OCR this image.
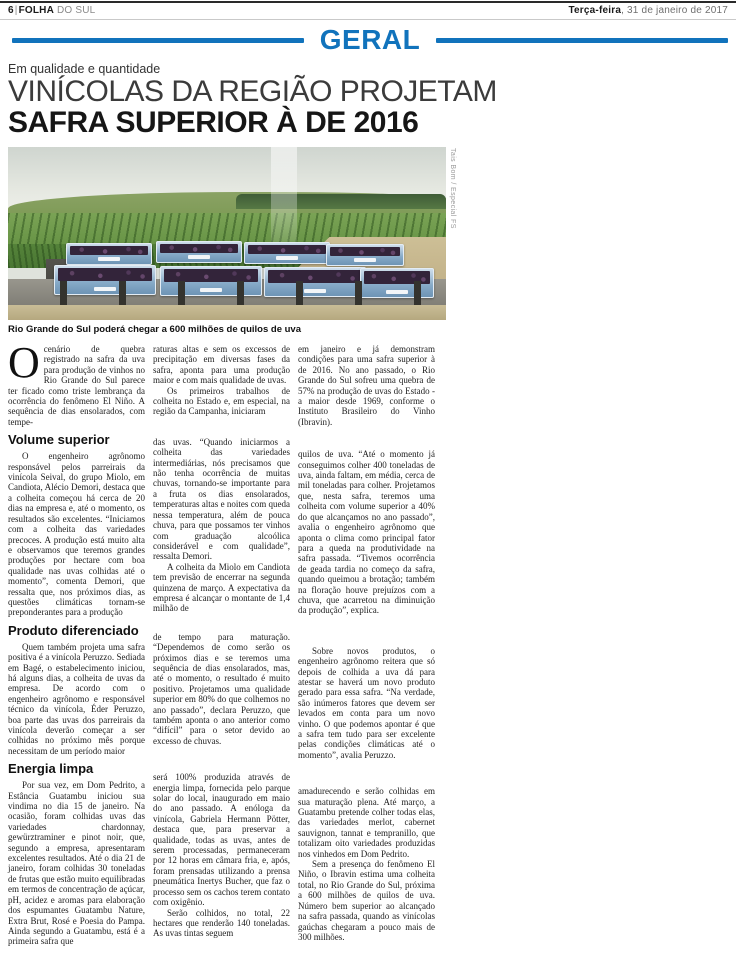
6|FOLHA DO SUL	Terça-feira, 31 de janeiro de 2017
GERAL
Em qualidade e quantidade
VINÍCOLAS DA REGIÃO PROJETAM
SAFRA SUPERIOR À DE 2016
Tais Bom / Especial FS
Rio Grande do Sul poderá chegar a 600 milhões de quilos de uva

Ocenário de quebra registrado na safra da uva para produção de vinhos no Rio Grande do Sul parece ter ficado como triste lembrança da ocorrência do fenômeno El Niño. A sequência de dias ensolarados, com tempe-

Volume superior

O engenheiro agrônomo responsável pelos parreirais da vinícola Seival, do grupo Miolo, em Candiota, Alécio Demori, destaca que a colheita começou há cerca de 20 dias na empresa e, até o momento, os resultados são excelentes. “Iniciamos com a colheita das variedades precoces. A produção está muito alta e observamos que teremos grandes produções por hectare com boa qualidade nas uvas colhidas até o momento”, comenta Demori, que ressalta que, nos próximos dias, as questões climáticas tornam-se preponderantes para a produção

Produto diferenciado

Quem também projeta uma safra positiva é a vinícola Peruzzo. Sediada em Bagé, o estabelecimento iniciou, há alguns dias, a colheita de uvas da empresa. De acordo com o engenheiro agrônomo e responsável técnico da vinícola, Éder Peruzzo, boa parte das uvas dos parreirais da vinícola deverão começar a ser colhidas no próximo mês porque necessitam de um período maior

Energia limpa

Por sua vez, em Dom Pedrito, a Estância Guatambu iniciou sua vindima no dia 15 de janeiro. Na ocasião, foram colhidas uvas das variedades chardonnay, gewürztraminer e pinot noir, que, segundo a empresa, apresentaram excelentes resultados. Até o dia 21 de janeiro, foram colhidas 30 toneladas de frutas que estão muito equilibradas em termos de concentração de açúcar, pH, acidez e aromas para elaboração dos espumantes Guatambu Nature, Extra Brut, Rosé e Poesia do Pampa. Ainda segundo a Guatambu, está é a primeira safra que

raturas altas e sem os excessos de precipitação em diversas fases da safra, aponta para uma produção maior e com mais qualidade de uvas.

Os primeiros trabalhos de colheita no Estado e, em especial, na região da Campanha, iniciaram

das uvas. “Quando iniciarmos a colheita das variedades intermediárias, nós precisamos que não tenha ocorrência de muitas chuvas, tornando-se importante para a fruta os dias ensolarados, temperaturas altas e noites com queda nessa temperatura, além de pouca chuva, para que possamos ter vinhos com graduação alcoólica considerável e com qualidade”, ressalta Demori.

A colheita da Miolo em Candiota tem previsão de encerrar na segunda quinzena de março. A expectativa da empresa é alcançar o montante de 1,4 milhão de

de tempo para maturação. “Dependemos de como serão os próximos dias e se teremos uma sequência de dias ensolarados, mas, até o momento, o resultado é muito positivo. Projetamos uma qualidade superior em 80% do que colhemos no ano passado”, declara Peruzzo, que também aponta o ano anterior como “difícil” para o setor devido ao excesso de chuvas.

será 100% produzida através de energia limpa, fornecida pelo parque solar do local, inaugurado em maio do ano passado. A enóloga da vinícola, Gabriela Hermann Pötter, destaca que, para preservar a qualidade, todas as uvas, antes de serem processadas, permaneceram por 12 horas em câmara fria, e, após, foram prensadas utilizando a prensa pneumática Inertys Bucher, que faz o processo sem os cachos terem contato com oxigênio.

Serão colhidos, no total, 22 hectares que renderão 140 toneladas. As uvas tintas seguem

em janeiro e já demonstram condições para uma safra superior à de 2016. No ano passado, o Rio Grande do Sul sofreu uma quebra de 57% na produção de uvas do Estado - a maior desde 1969, conforme o Instituto Brasileiro do Vinho (Ibravin).

quilos de uva. “Até o momento já conseguimos colher 400 toneladas de uva, ainda faltam, em média, cerca de mil toneladas para colher. Projetamos que, nesta safra, teremos uma colheita com volume superior a 40% do que alcançamos no ano passado”, avalia o engenheiro agrônomo que aponta o clima como principal fator para a queda na produtividade na safra passada. “Tivemos ocorrência de geada tardia no começo da safra, quando queimou a brotação; também na floração houve prejuízos com a chuva, que acarretou na diminuição da produção”, explica.

Sobre novos produtos, o engenheiro agrônomo reitera que só depois de colhida a uva dá para atestar se haverá um novo produto gerado para essa safra. “Na verdade, são inúmeros fatores que devem ser levados em conta para um novo vinho. O que podemos apontar é que a safra tem tudo para ser excelente pelas condições climáticas até o momento”, avalia Peruzzo.

amadurecendo e serão colhidas em sua maturação plena. Até março, a Guatambu pretende colher todas elas, das variedades merlot, cabernet sauvignon, tannat e tempranillo, que totalizam oito variedades produzidas nos vinhedos em Dom Pedrito.

Sem a presença do fenômeno El Niño, o Ibravin estima uma colheita total, no Rio Grande do Sul, próxima a 600 milhões de quilos de uva. Número bem superior ao alcançado na safra passada, quando as vinícolas gaúchas chegaram a pouco mais de 300 milhões.
